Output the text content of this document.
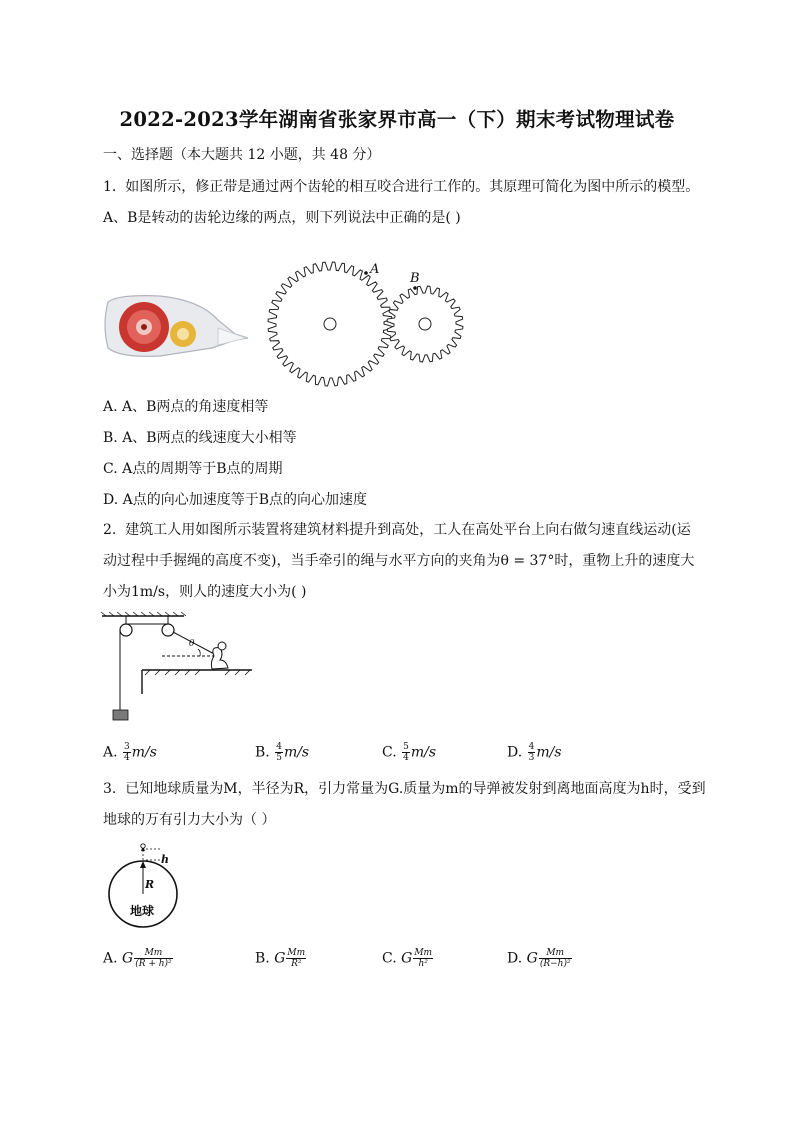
2022-2023学年湖南省张家界市高一（下）期末考试物理试卷
一、选择题（本大题共 12 小题，共 48 分）
1. 如图所示，修正带是通过两个齿轮的相互咬合进行工作的。其原理可简化为图中所示的模型。
A、B是转动的齿轮边缘的两点，则下列说法中正确的是( )
A
B
A. A、B两点的角速度相等
B. A、B两点的线速度大小相等
C. A点的周期等于B点的周期
D. A点的向心加速度等于B点的向心加速度
2. 建筑工人用如图所示装置将建筑材料提升到高处，工人在高处平台上向右做匀速直线运动(运
动过程中手握绳的高度不变)，当手牵引的绳与水平方向的夹角为θ = 37°时，重物上升的速度大
小为1m/s，则人的速度大小为( )
θ
A. $\frac{3}{4} m/s$	B. $\frac{4}{5} m/s$	C. $\frac{5}{4} m/s$	D. $\frac{4}{3} m/s$
3. 已知地球质量为M，半径为R，引力常量为G.质量为m的导弹被发射到离地面高度为h时，受到
地球的万有引力大小为（ ）
h
R
地球
A. G $\frac{Mm}{\text{(R + h)²}}$	B. G $\frac{Mm}{\text{R²}}$	C. G $\frac{Mm}{\text{h²}}$	D. G $\frac{Mm}{\text{(R−h)²}}$
